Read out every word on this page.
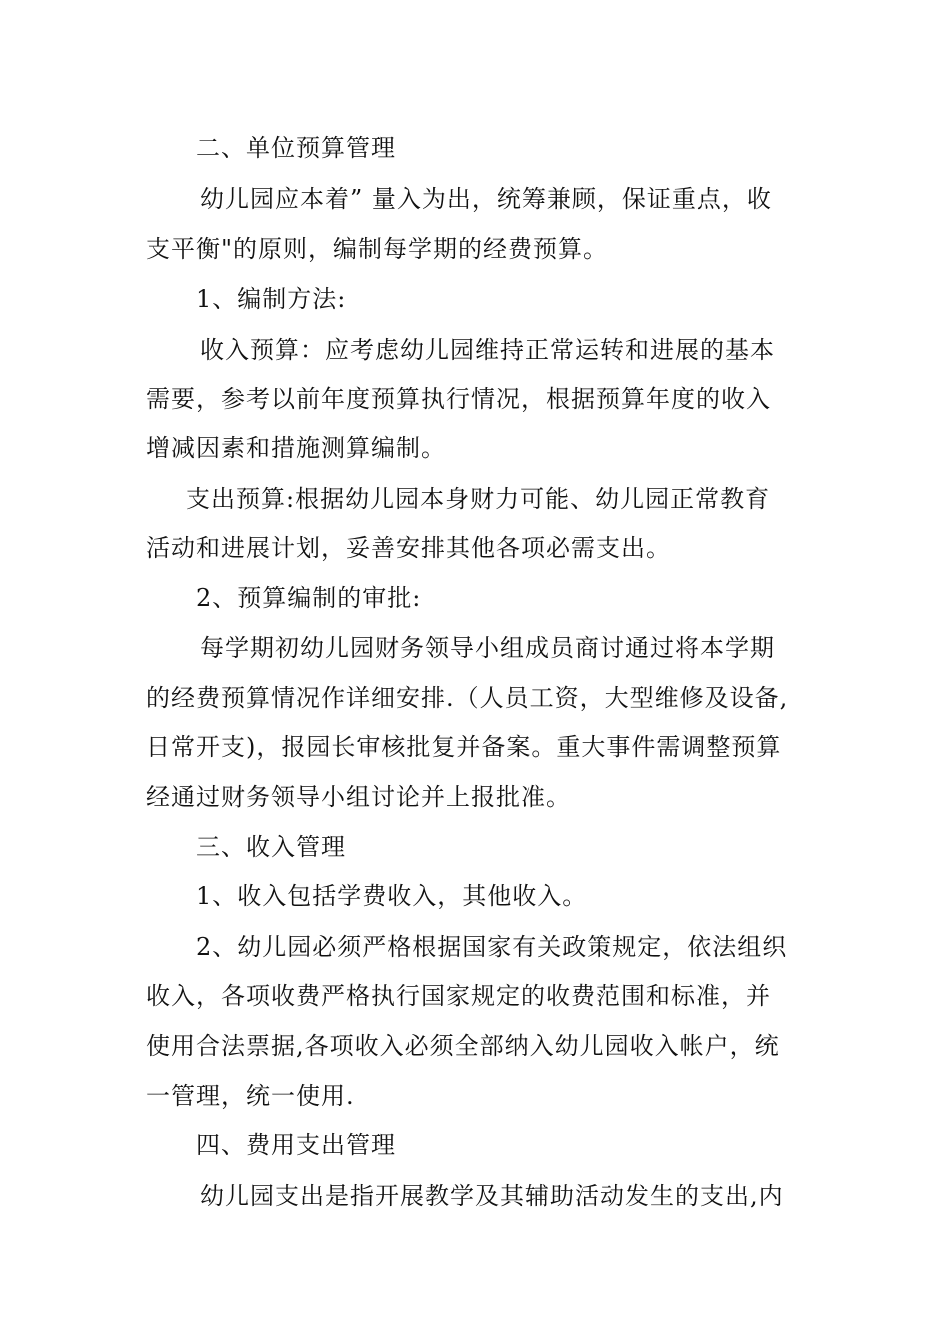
二、单位预算管理
幼儿园应本着” 量入为出，统筹兼顾，保证重点，收
支平衡"的原则，编制每学期的经费预算。
1、编制方法:
收入预算：应考虑幼儿园维持正常运转和进展的基本
需要，参考以前年度预算执行情况，根据预算年度的收入
增减因素和措施测算编制。
支出预算:根据幼儿园本身财力可能、幼儿园正常教育
活动和进展计划，妥善安排其他各项必需支出。
2、预算编制的审批:
每学期初幼儿园财务领导小组成员商讨通过将本学期
的经费预算情况作详细安排.（人员工资，大型维修及设备,
日常开支)，报园长审核批复并备案。重大事件需调整预算
经通过财务领导小组讨论并上报批准。
三、收入管理
1、收入包括学费收入，其他收入。
2、幼儿园必须严格根据国家有关政策规定，依法组织
收入，各项收费严格执行国家规定的收费范围和标准，并
使用合法票据,各项收入必须全部纳入幼儿园收入帐户，统
一管理，统一使用.
四、费用支出管理
幼儿园支出是指开展教学及其辅助活动发生的支出,内
